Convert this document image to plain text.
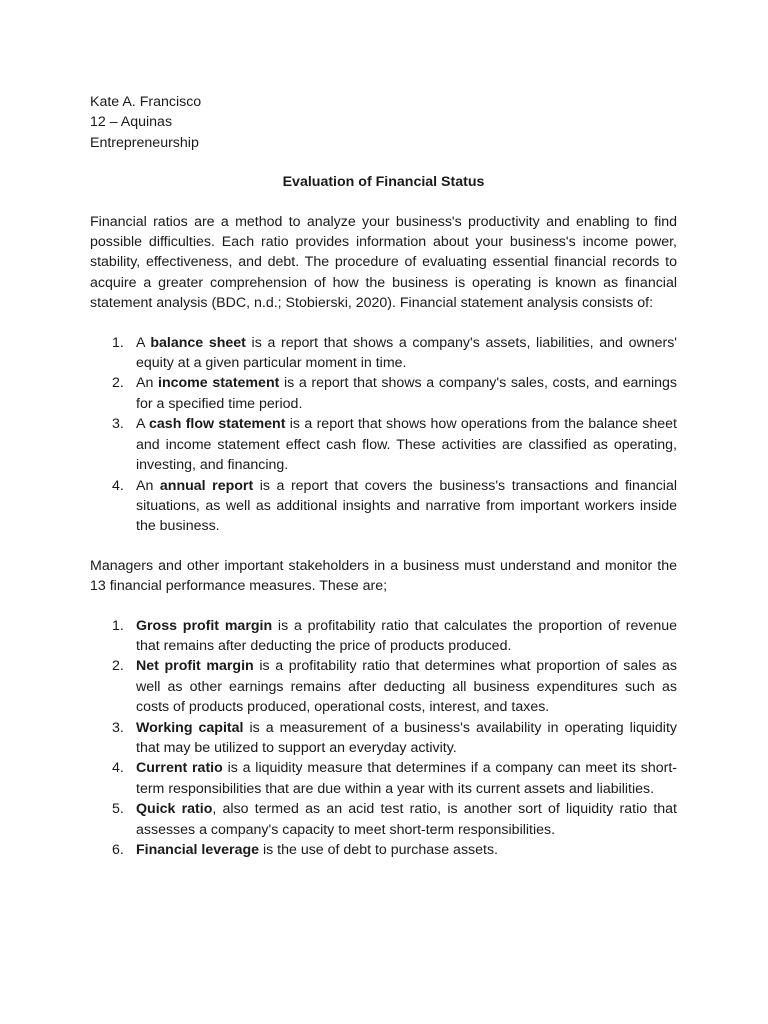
Kate A. Francisco

12 – Aquinas

Entrepreneurship

Evaluation of Financial Status

Financial ratios are a method to analyze your business's productivity and enabling to find possible difficulties. Each ratio provides information about your business's income power, stability, effectiveness, and debt. The procedure of evaluating essential financial records to acquire a greater comprehension of how the business is operating is known as financial statement analysis (BDC, n.d.; Stobierski, 2020). Financial statement analysis consists of:

1. A balance sheet is a report that shows a company's assets, liabilities, and owners' equity at a given particular moment in time.
2. An income statement is a report that shows a company's sales, costs, and earnings for a specified time period.
3. A cash flow statement is a report that shows how operations from the balance sheet and income statement effect cash flow. These activities are classified as operating, investing, and financing.
4. An annual report is a report that covers the business's transactions and financial situations, as well as additional insights and narrative from important workers inside the business.

Managers and other important stakeholders in a business must understand and monitor the 13 financial performance measures. These are;

1. Gross profit margin is a profitability ratio that calculates the proportion of revenue that remains after deducting the price of products produced.
2. Net profit margin is a profitability ratio that determines what proportion of sales as well as other earnings remains after deducting all business expenditures such as costs of products produced, operational costs, interest, and taxes.
3. Working capital is a measurement of a business's availability in operating liquidity that may be utilized to support an everyday activity.
4. Current ratio is a liquidity measure that determines if a company can meet its short-term responsibilities that are due within a year with its current assets and liabilities.
5. Quick ratio, also termed as an acid test ratio, is another sort of liquidity ratio that assesses a company's capacity to meet short-term responsibilities.
6. Financial leverage is the use of debt to purchase assets.
